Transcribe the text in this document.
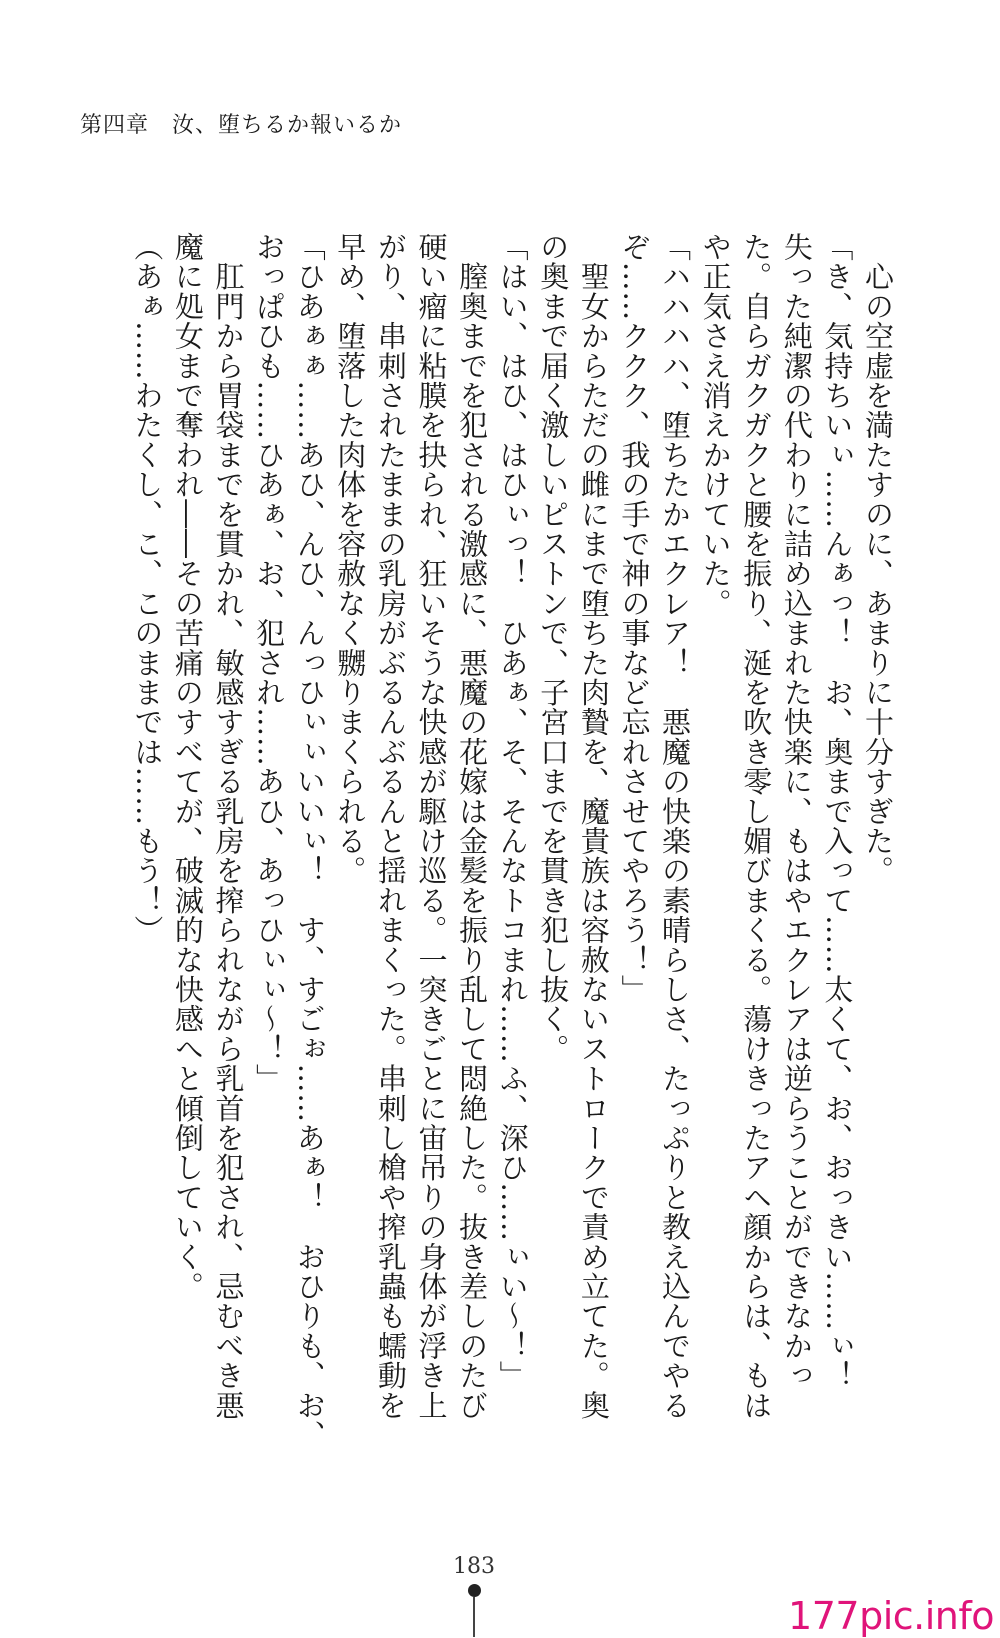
第四章　汝、堕ちるか報いるか

　心の空虚を満たすのに、あまりに十分すぎた。

「き、気持ちいぃ……んぁっ！　お、奥まで入って……太くて、お、おっきい……ぃ！

失った純潔の代わりに詰め込まれた快楽に、もはやエクレアは逆らうことができなかっ

た。自らガクガクと腰を振り、涎を吹き零し媚びまくる。蕩けきったアヘ顔からは、もは

や正気さえ消えかけていた。

「ハハハハ、堕ちたかエクレア！　悪魔の快楽の素晴らしさ、たっぷりと教え込んでやる

ぞ……ククク、我の手で神の事など忘れさせてやろう！」

　聖女からただの雌にまで堕ちた肉贄を、魔貴族は容赦ないストロークで責め立てた。奥

の奥まで届く激しいピストンで、子宮口までを貫き犯し抜く。

「はい、はひ、はひぃっ！　ひあぁ、そ、そんなトコまれ……ふ、深ひ……ぃい～！」

　膣奥までを犯される激感に、悪魔の花嫁は金髪を振り乱して悶絶した。抜き差しのたび

硬い瘤に粘膜を抉られ、狂いそうな快感が駆け巡る。一突きごとに宙吊りの身体が浮き上

がり、串刺されたままの乳房がぶるんぶるんと揺れまくった。串刺し槍や搾乳蟲も蠕動を

早め、堕落した肉体を容赦なく嬲りまくられる。

「ひあぁぁ……あひ、んひ、んっひぃぃいいぃ！　す、すごぉ……あぁ！　おひりも、お、

おっぱひも……ひあぁ、お、犯され……あひ、あっひぃぃ～！」

　肛門から胃袋までを貫かれ、敏感すぎる乳房を搾られながら乳首を犯され、忌むべき悪

魔に処女まで奪われ――その苦痛のすべてが、破滅的な快感へと傾倒していく。

（あぁ……わたくし、こ、このままでは……もう！）

183
177pic.info
